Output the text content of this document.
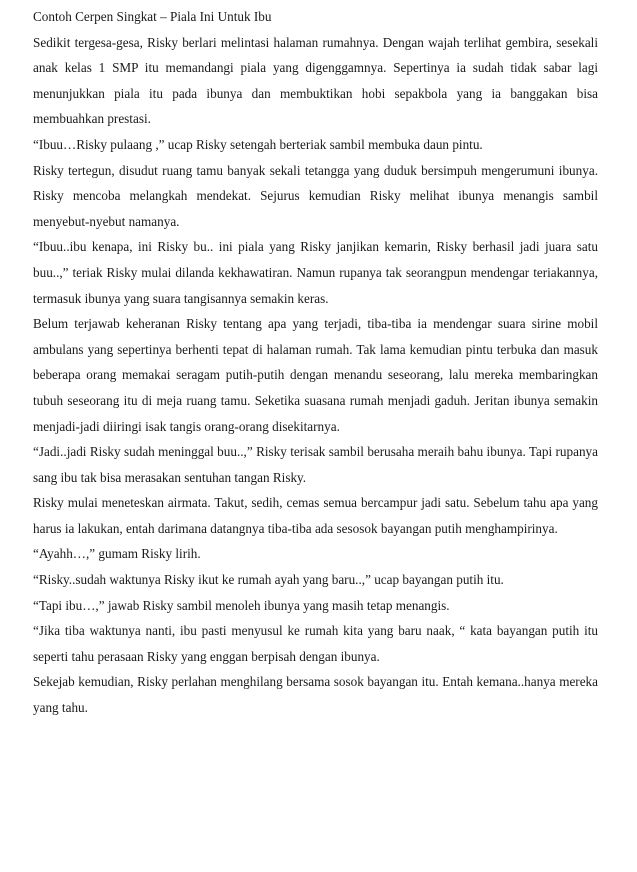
Contoh Cerpen Singkat – Piala Ini Untuk Ibu

Sedikit tergesa-gesa, Risky berlari melintasi halaman rumahnya. Dengan wajah terlihat gembira, sesekali anak kelas 1 SMP itu memandangi piala yang digenggamnya. Sepertinya ia sudah tidak sabar lagi menunjukkan piala itu pada ibunya dan membuktikan hobi sepakbola yang ia banggakan bisa membuahkan prestasi.

“Ibuu…Risky pulaang ,” ucap Risky setengah berteriak sambil membuka daun pintu.

Risky tertegun, disudut ruang tamu banyak sekali tetangga yang duduk bersimpuh mengerumuni ibunya. Risky mencoba melangkah mendekat. Sejurus kemudian Risky melihat ibunya menangis sambil menyebut-nyebut namanya.

“Ibuu..ibu kenapa, ini Risky bu.. ini piala yang Risky janjikan kemarin, Risky berhasil jadi juara satu buu..,” teriak Risky mulai dilanda kekhawatiran. Namun rupanya tak seorangpun mendengar teriakannya, termasuk ibunya yang suara tangisannya semakin keras.

Belum terjawab keheranan Risky tentang apa yang terjadi, tiba-tiba ia mendengar suara sirine mobil ambulans yang sepertinya berhenti tepat di halaman rumah. Tak lama kemudian pintu terbuka dan masuk beberapa orang memakai seragam putih-putih dengan menandu seseorang, lalu mereka membaringkan tubuh seseorang itu di meja ruang tamu. Seketika suasana rumah menjadi gaduh. Jeritan ibunya semakin menjadi-jadi diiringi isak tangis orang-orang disekitarnya.

“Jadi..jadi Risky sudah meninggal buu..,” Risky terisak sambil berusaha meraih bahu ibunya. Tapi rupanya sang ibu tak bisa merasakan sentuhan tangan Risky.

Risky mulai meneteskan airmata. Takut, sedih, cemas semua bercampur jadi satu. Sebelum tahu apa yang harus ia lakukan, entah darimana datangnya tiba-tiba ada sesosok bayangan putih menghampirinya.

“Ayahh…,” gumam Risky lirih.

“Risky..sudah waktunya Risky ikut ke rumah ayah yang baru..,” ucap bayangan putih itu.

“Tapi ibu…,” jawab Risky sambil menoleh ibunya yang masih tetap menangis.

“Jika tiba waktunya nanti, ibu pasti menyusul ke rumah kita yang baru naak, “ kata bayangan putih itu seperti tahu perasaan Risky yang enggan berpisah dengan ibunya.

Sekejab kemudian, Risky perlahan menghilang bersama sosok bayangan itu. Entah kemana..hanya mereka yang tahu.
